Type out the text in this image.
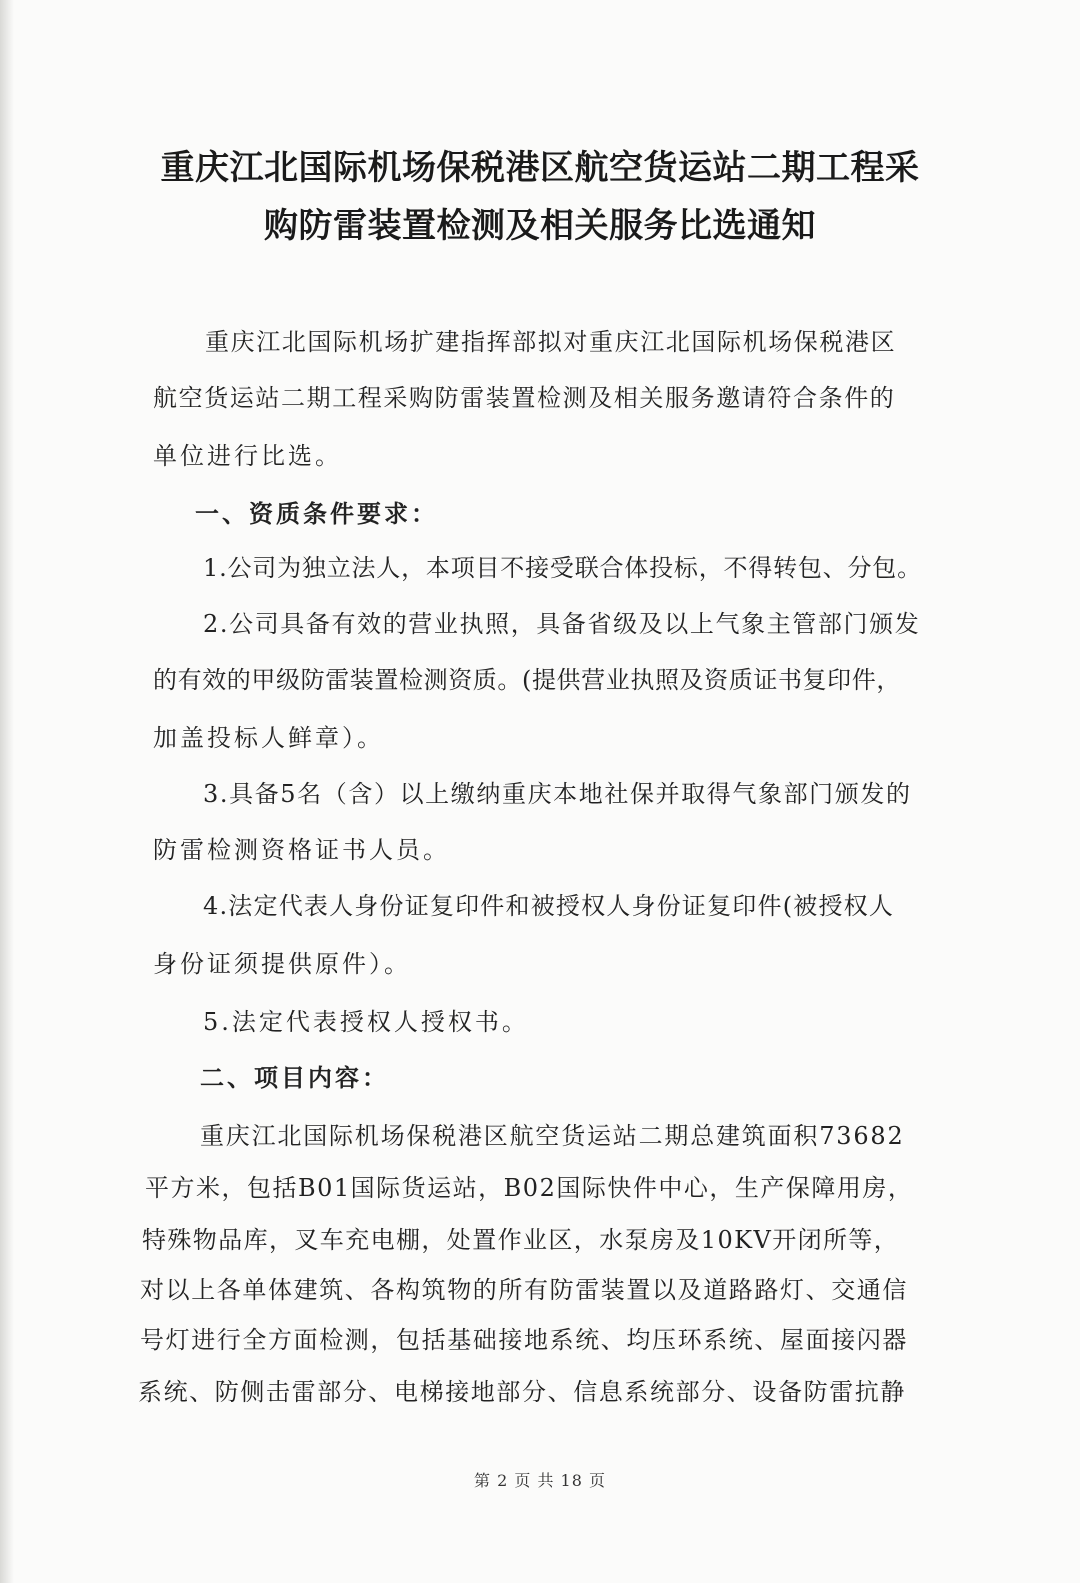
重庆江北国际机场保税港区航空货运站二期工程采
购防雷装置检测及相关服务比选通知
重庆江北国际机场扩建指挥部拟对重庆江北国际机场保税港区
航空货运站二期工程采购防雷装置检测及相关服务邀请符合条件的
单位进行比选。
一、资质条件要求：
1.公司为独立法人，本项目不接受联合体投标，不得转包、分包。
2.公司具备有效的营业执照，具备省级及以上气象主管部门颁发
的有效的甲级防雷装置检测资质。(提供营业执照及资质证书复印件，
加盖投标人鲜章）。
3.具备5名（含）以上缴纳重庆本地社保并取得气象部门颁发的
防雷检测资格证书人员。
4.法定代表人身份证复印件和被授权人身份证复印件(被授权人
身份证须提供原件）。
5.法定代表授权人授权书。
二、项目内容：
重庆江北国际机场保税港区航空货运站二期总建筑面积73682
平方米，包括B01国际货运站，B02国际快件中心，生产保障用房，
特殊物品库，叉车充电棚，处置作业区，水泵房及10KV开闭所等，
对以上各单体建筑、各构筑物的所有防雷装置以及道路路灯、交通信
号灯进行全方面检测，包括基础接地系统、均压环系统、屋面接闪器
系统、防侧击雷部分、电梯接地部分、信息系统部分、设备防雷抗静
第 2 页 共 18 页
